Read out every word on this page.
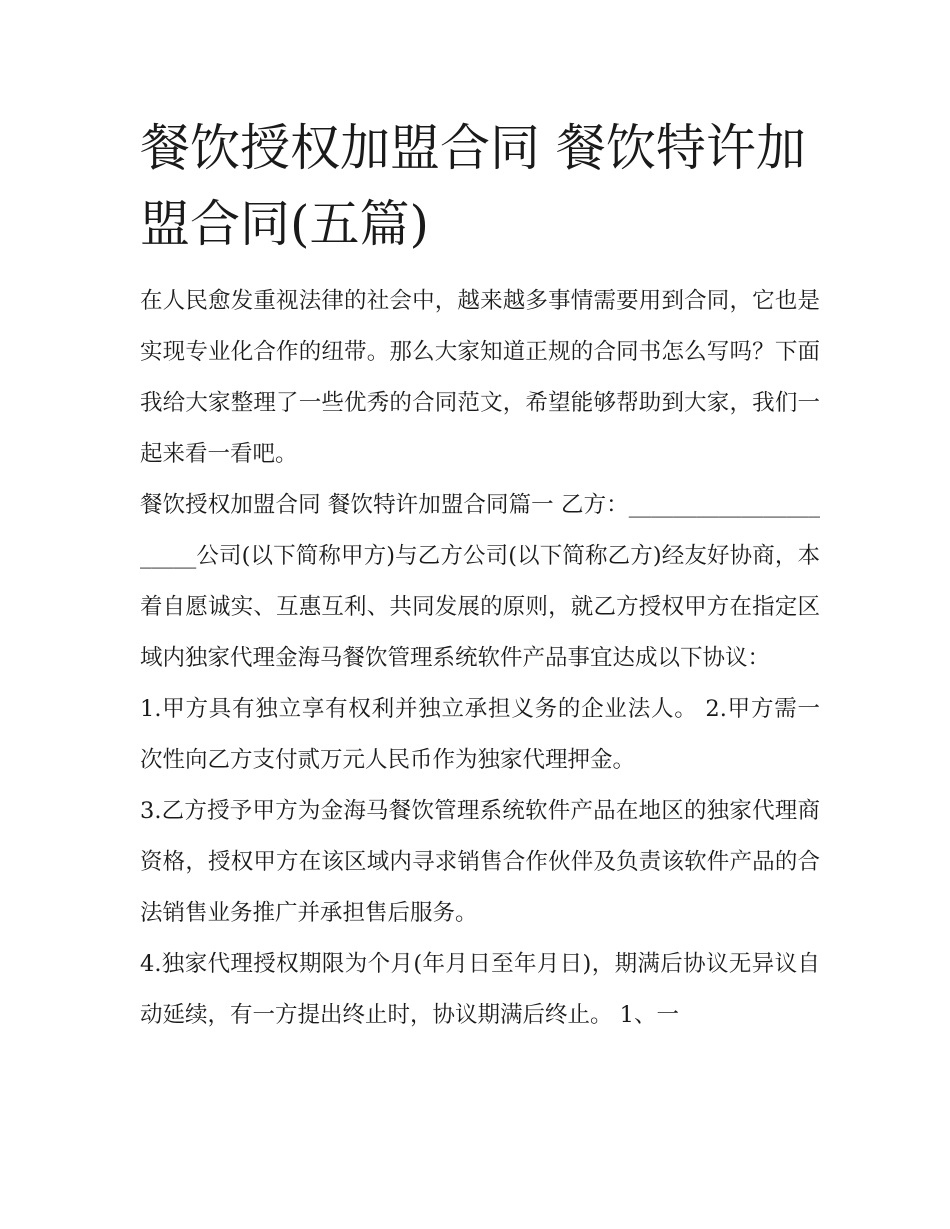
餐饮授权加盟合同 餐饮特许加盟合同(五篇)

在人民愈发重视法律的社会中，越来越多事情需要用到合同，它也是实现专业化合作的纽带。那么大家知道正规的合同书怎么写吗？下面我给大家整理了一些优秀的合同范文，希望能够帮助到大家，我们一起来看一看吧。

餐饮授权加盟合同 餐饮特许加盟合同篇一 乙方：______________________公司(以下简称甲方)与乙方公司(以下简称乙方)经友好协商，本着自愿诚实、互惠互利、共同发展的原则，就乙方授权甲方在指定区域内独家代理金海马餐饮管理系统软件产品事宜达成以下协议：

1.甲方具有独立享有权利并独立承担义务的企业法人。 2.甲方需一次性向乙方支付贰万元人民币作为独家代理押金。

3.乙方授予甲方为金海马餐饮管理系统软件产品在地区的独家代理商资格，授权甲方在该区域内寻求销售合作伙伴及负责该软件产品的合法销售业务推广并承担售后服务。

4.独家代理授权期限为个月(年月日至年月日)，期满后协议无异议自动延续，有一方提出终止时，协议期满后终止。 1、一
